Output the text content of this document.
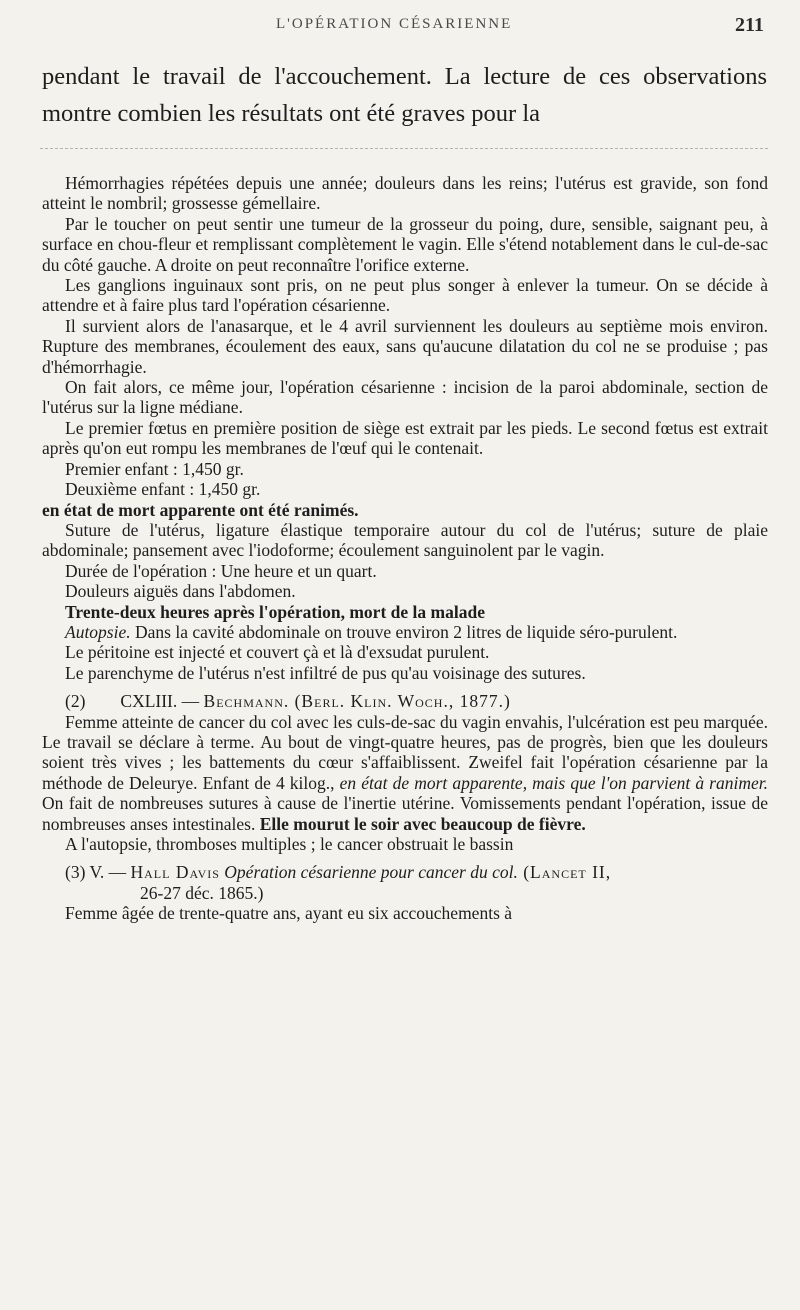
L'OPÉRATION CÉSARIENNE	211

pendant le travail de l'accouchement. La lecture de ces observations montre combien les résultats ont été graves pour la

Hémorrhagies répétées depuis une année; douleurs dans les reins; l'utérus est gravide, son fond atteint le nombril; grossesse gémellaire.

Par le toucher on peut sentir une tumeur de la grosseur du poing, dure, sensible, saignant peu, à surface en chou-fleur et remplissant complètement le vagin. Elle s'étend notablement dans le cul-de-sac du côté gauche. A droite on peut reconnaître l'orifice externe.

Les ganglions inguinaux sont pris, on ne peut plus songer à enlever la tumeur. On se décide à attendre et à faire plus tard l'opération césarienne.

Il survient alors de l'anasarque, et le 4 avril surviennent les douleurs au septième mois environ. Rupture des membranes, écoulement des eaux, sans qu'aucune dilatation du col ne se produise ; pas d'hémorrhagie.

On fait alors, ce même jour, l'opération césarienne : incision de la paroi abdominale, section de l'utérus sur la ligne médiane.

Le premier fœtus en première position de siège est extrait par les pieds. Le second fœtus est extrait après qu'on eut rompu les membranes de l'œuf qui le contenait.

Premier enfant : 1,450 gr.

Deuxième enfant : 1,450 gr.

en état de mort apparente ont été ranimés.

Suture de l'utérus, ligature élastique temporaire autour du col de l'utérus; suture de plaie abdominale; pansement avec l'iodoforme; écoulement sanguinolent par le vagin.

Durée de l'opération : Une heure et un quart.

Douleurs aiguës dans l'abdomen.

Trente-deux heures après l'opération, mort de la malade

Autopsie. Dans la cavité abdominale on trouve environ 2 litres de liquide séro-purulent.

Le péritoine est injecté et couvert çà et là d'exsudat purulent.

Le parenchyme de l'utérus n'est infiltré de pus qu'au voisinage des sutures.

(2) CXLIII. — Bechmann. (Berl. Klin. Woch., 1877.)

Femme atteinte de cancer du col avec les culs-de-sac du vagin envahis, l'ulcération est peu marquée. Le travail se déclare à terme. Au bout de vingt-quatre heures, pas de progrès, bien que les douleurs soient très vives ; les battements du cœur s'affaiblissent. Zweifel fait l'opération césarienne par la méthode de Deleurye. Enfant de 4 kilog., en état de mort apparente, mais que l'on parvient à ranimer. On fait de nombreuses sutures à cause de l'inertie utérine. Vomissements pendant l'opération, issue de nombreuses anses intestinales. Elle mourut le soir avec beaucoup de fièvre.

A l'autopsie, thromboses multiples ; le cancer obstruait le bassin

(3) V. — Hall Davis Opération césarienne pour cancer du col. (Lancet II,

26-27 déc. 1865.)

Femme âgée de trente-quatre ans, ayant eu six accouchements à
